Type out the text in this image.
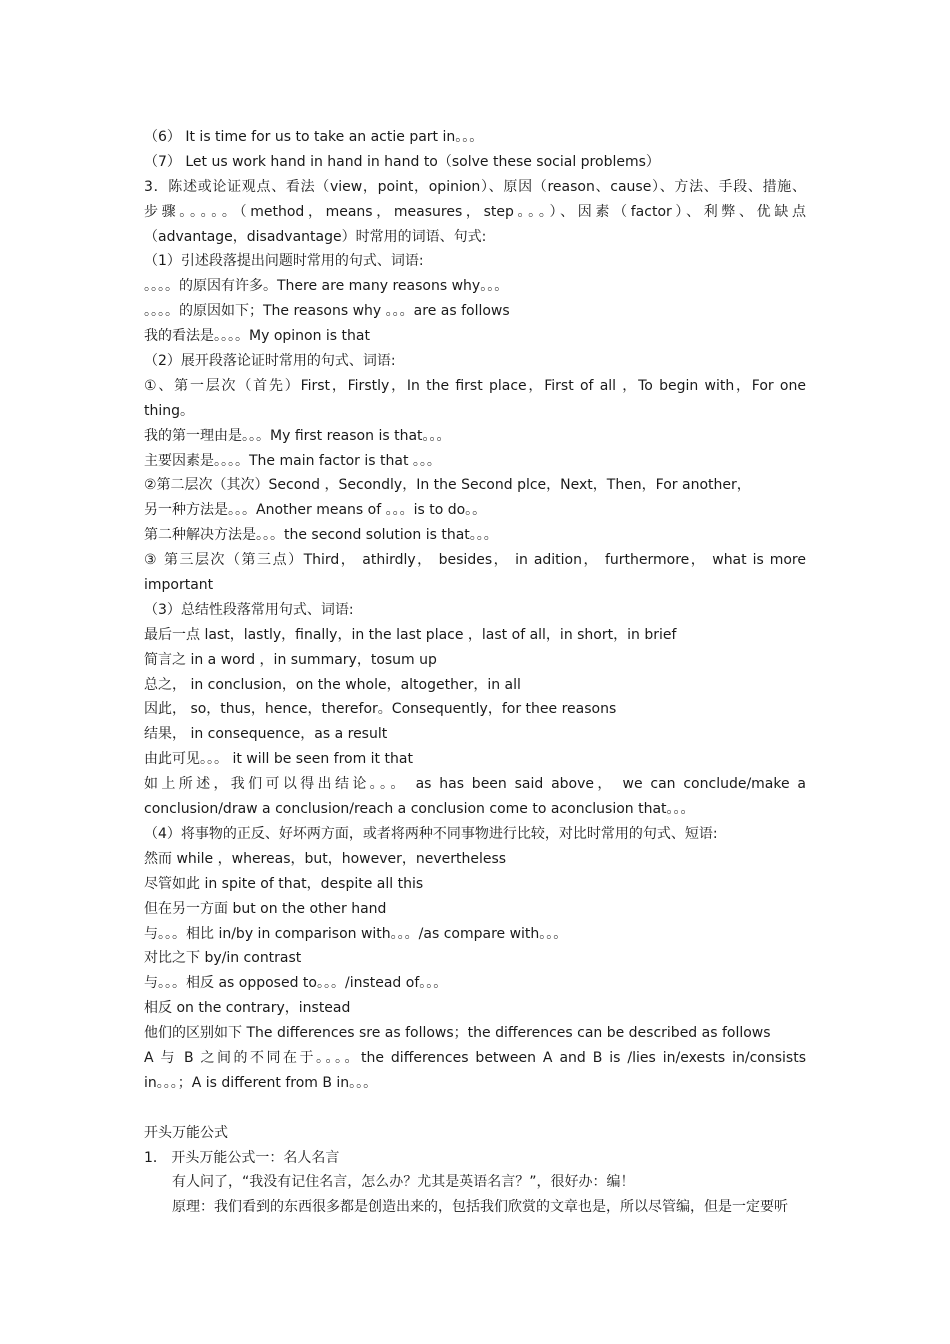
（6） It is time for us to take an actie part in。。。
（7） Let us work hand in hand in hand to（solve these social problems）
3．陈述或论证观点、看法（view，point，opinion）、原因（reason、cause）、方法、手段、措施、
步骤。。。。。（method，means，measures，step。。。）、因素（factor）、利弊、优缺点
（advantage，disadvantage）时常用的词语、句式:
（1）引述段落提出问题时常用的句式、词语:
。。。。的原因有许多。There are many reasons why。。。
。。。。的原因如下；The reasons why 。。。are as follows
我的看法是。。。。My opinon is that
（2）展开段落论证时常用的句式、词语:
①、第一层次（首先）First，Firstly，In the first place，First of all ，To begin with，For one
thing。
我的第一理由是。。。My first reason is that。。。
主要因素是。。。。The main factor is that 。。。
②第二层次（其次）Second ，Secondly，In the Second plce，Next，Then，For another，
另一种方法是。。。Another means of 。。。is to do。。
第二种解决方法是。。。the second solution is that。。。
③ 第三层次（第三点）Third， athirdly， besides， in adition， furthermore， what is more
important
（3）总结性段落常用句式、词语:
最后一点 last，lastly，finally，in the last place ，last of all，in short，in brief
简言之 in a word ，in summary，tosum up
总之， in conclusion，on the whole，altogether，in all
因此， so，thus，hence，therefor。Consequently，for thee reasons
结果， in consequence，as a result
由此可见。。。 it will be seen from it that
如上所述，我们可以得出结论。。。 as has been said above， we can conclude/make a
conclusion/draw a conclusion/reach a conclusion come to aconclusion that。。。
（4）将事物的正反、好坏两方面，或者将两种不同事物进行比较，对比时常用的句式、短语:
然而 while ，whereas，but，however，nevertheless
尽管如此 in spite of that，despite all this
但在另一方面 but on the other hand
与。。。相比 in/by in comparison with。。。/as compare with。。。
对比之下 by/in contrast
与。。。相反 as opposed to。。。/instead of。。。
相反 on the contrary，instead
他们的区别如下 The differences sre as follows；the differences can be described as follows
A 与 B 之间的不同在于。。。。the differences between A and B is /lies in/exests in/consists
in。。。；A is different from B in。。。
开头万能公式
1． 开头万能公式一：名人名言
有人问了，“我没有记住名言，怎么办？尤其是英语名言？”，很好办：编！
原理：我们看到的东西很多都是创造出来的，包括我们欣赏的文章也是，所以尽管编，但是一定要听
